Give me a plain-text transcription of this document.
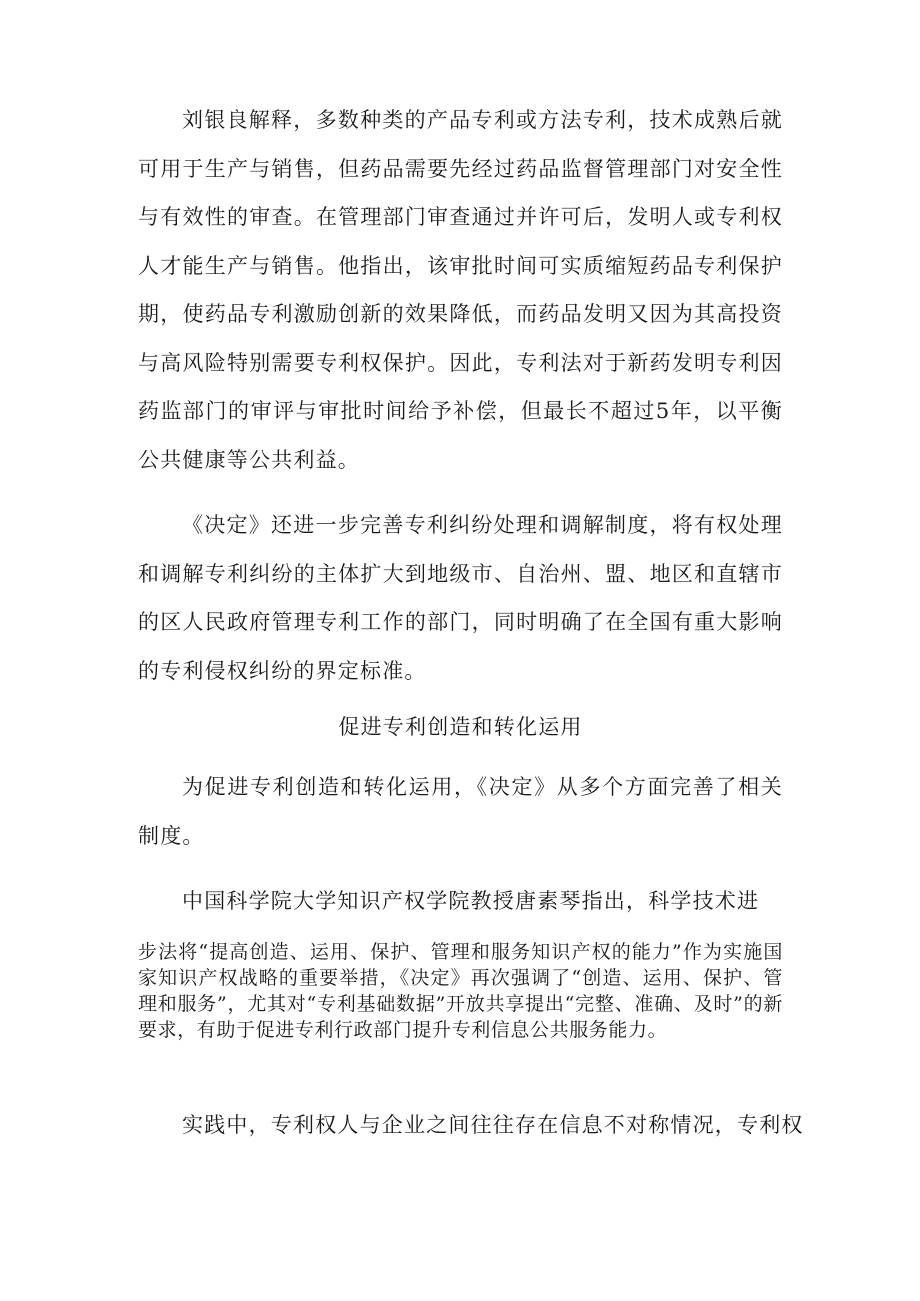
刘银良解释，多数种类的产品专利或方法专利，技术成熟后就可用于生产与销售，但药品需要先经过药品监督管理部门对安全性与有效性的审查。在管理部门审查通过并许可后，发明人或专利权人才能生产与销售。他指出，该审批时间可实质缩短药品专利保护期，使药品专利激励创新的效果降低，而药品发明又因为其高投资与高风险特别需要专利权保护。因此，专利法对于新药发明专利因药监部门的审评与审批时间给予补偿，但最长不超过5年，以平衡公共健康等公共利益。

《决定》还进一步完善专利纠纷处理和调解制度，将有权处理和调解专利纠纷的主体扩大到地级市、自治州、盟、地区和直辖市的区人民政府管理专利工作的部门，同时明确了在全国有重大影响的专利侵权纠纷的界定标准。

促进专利创造和转化运用

为促进专利创造和转化运用，《决定》从多个方面完善了相关制度。

中国科学院大学知识产权学院教授唐素琴指出，科学技术进

步法将“提高创造、运用、保护、管理和服务知识产权的能力”作为实施国家知识产权战略的重要举措，《决定》再次强调了“创造、运用、保护、管理和服务”，尤其对“专利基础数据”开放共享提出“完整、准确、及时”的新要求，有助于促进专利行政部门提升专利信息公共服务能力。

实践中，专利权人与企业之间往往存在信息不对称情况，专利权
